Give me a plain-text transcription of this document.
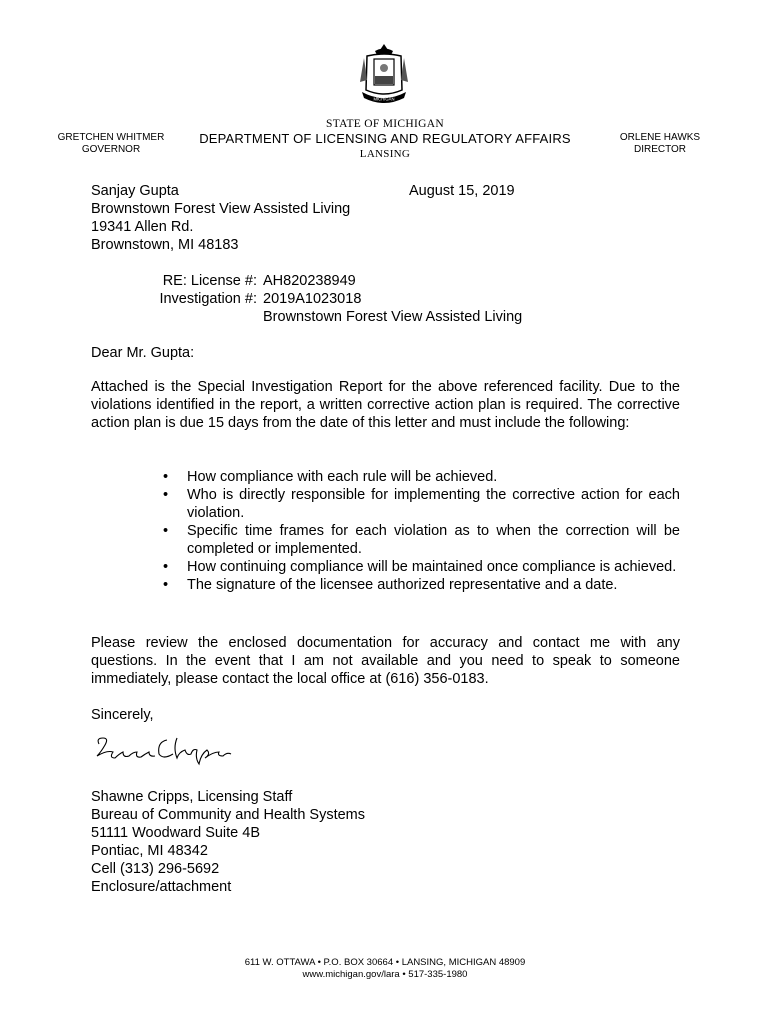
MICHIGAN
STATE OF MICHIGAN
DEPARTMENT OF LICENSING AND REGULATORY AFFAIRS
LANSING
GRETCHEN WHITMER
GOVERNOR
ORLENE HAWKS
DIRECTOR
Sanjay Gupta
Brownstown Forest View Assisted Living
19341 Allen Rd.
Brownstown, MI 48183
August 15, 2019
RE: License #:
Investigation #:
AH820238949
2019A1023018
Brownstown Forest View Assisted Living
Dear Mr. Gupta:
Attached is the Special Investigation Report for the above referenced facility. Due to the violations identified in the report, a written corrective action plan is required. The corrective action plan is due 15 days from the date of this letter and must include the following:
• How compliance with each rule will be achieved.
• Who is directly responsible for implementing the corrective action for each violation.
• Specific time frames for each violation as to when the correction will be completed or implemented.
• How continuing compliance will be maintained once compliance is achieved.
• The signature of the licensee authorized representative and a date.
Please review the enclosed documentation for accuracy and contact me with any questions. In the event that I am not available and you need to speak to someone immediately, please contact the local office at (616) 356-0183.
Sincerely,
Shawne Cripps, Licensing Staff
Bureau of Community and Health Systems
51111 Woodward Suite 4B
Pontiac, MI 48342
Cell (313) 296-5692
Enclosure/attachment
611 W. OTTAWA • P.O. BOX 30664 • LANSING, MICHIGAN 48909
www.michigan.gov/lara • 517-335-1980
